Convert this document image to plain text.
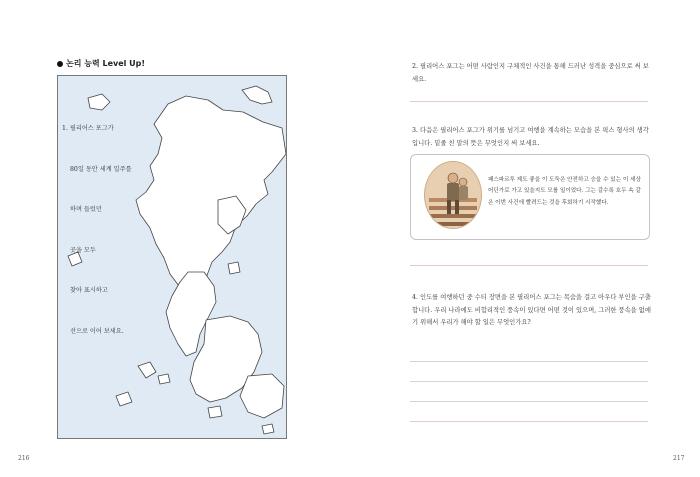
논리 능력 Level Up!

1. 필리어스 포그가

80일 동안 세계 일주를

하며 들렀던

곳을 모두

찾아 표시하고

선으로 이어 보세요.

216
2. 필리어스 포그는 어떤 사람인지 구체적인 사건을 통해 드러난 성격을 중심으로 써 보세요.
3. 다음은 필리어스 포그가 위기를 넘기고 여행을 계속하는 모습을 본 픽스 형사의 생각입니다. 밑줄 친 말의 뜻은 무엇인지 써 보세요.
패스파르투 제도 좋을 이 도둑은 안전하고 승을 수 있는 이 세상 어딘가로 가고 있을지도 모를 일이었다. 그는 갈수록 호두 속 같은 이번 사건에 빨려드는 것을 후회하기 시작했다.
4. 인도를 여행하던 중 수티 장면을 본 필리어스 포그는 목숨을 걸고 아우다 부인을 구출합니다. 우리 나라에도 비합리적인 풍속이 있다면 어떤 것이 있으며, 그러한 풍속을 없애기 위해서 우리가 해야 할 일은 무엇인가요?
217
